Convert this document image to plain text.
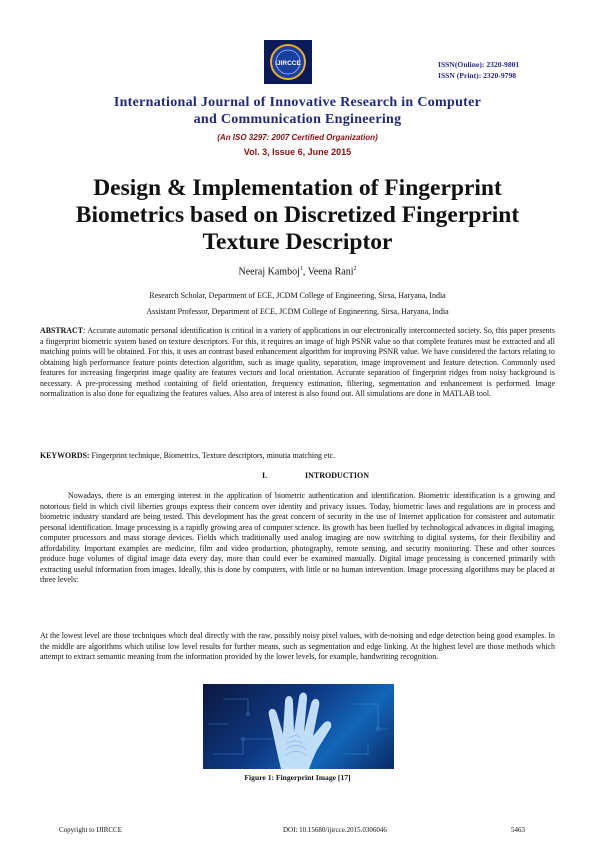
IJIRCCE	ISSN(Online): 2320-9801
ISSN (Print): 2320-9798
International Journal of Innovative Research in Computer
and Communication Engineering
(An ISO 3297: 2007 Certified Organization)
Vol. 3, Issue 6, June 2015
Design & Implementation of Fingerprint
Biometrics based on Discretized Fingerprint
Texture Descriptor
Neeraj Kamboj$^1$, Veena Rani$^2$
Research Scholar, Department of ECE, JCDM College of Engineering, Sirsa, Haryana, India
Assistant Professor, Department of ECE, JCDM College of Engineering, Sirsa, Haryana, India
ABSTRACT: Accurate automatic personal identification is critical in a variety of applications in our electronically interconnected society. So, this paper presents a fingerprint biometric system based on texture descriptors. For this, it requires an image of high PSNR value so that complete features must be extracted and all matching points will be obtained. For this, it uses an contrast based enhancement algorithm for improving PSNR value. We have considered the factors relating to obtaining high performance feature points detection algorithm, such as image quality, separation, image improvement and feature detection. Commonly used features for increasing fingerprint image quality are features vectors and local orientation. Accurate separation of fingerprint ridges from noisy background is necessary. A pre-processing method containing of field orientation, frequency estimation, filtering, segmentation and enhancement is performed. Image normalization is also done for equalizing the features values. Also area of interest is also found out. All simulations are done in MATLAB tool.
KEYWORDS: Fingerprint technique, Biometrics, Texture descriptors, minutia matching etc.
I.	INTRODUCTION
Nowadays, there is an emerging interest in the application of biometric authentication and identification. Biometric identification is a growing and notorious field in which civil liberties groups express their concern over identity and privacy issues. Today, biometric laws and regulations are in process and biometric industry standard are being tested. This development has the great concern of security in the use of Internet application for consistent and automatic personal identification. Image processing is a rapidly growing area of computer science. Its growth has been fuelled by technological advances in digital imaging, computer processors and mass storage devices. Fields which traditionally used analog imaging are now switching to digital systems, for their flexibility and affordability. Important examples are medicine, film and video production, photography, remote sensing, and security monitoring. These and other sources produce huge volumes of digital image data every day, more than could ever be examined manually. Digital image processing is concerned primarily with extracting useful information from images. Ideally, this is done by computers, with little or no human intervention. Image processing algorithms may be placed at three levels:
At the lowest level are those techniques which deal directly with the raw, possibly noisy pixel values, with de-noising and edge detection being good examples. In the middle are algorithms which utilise low level results for further means, such as segmentation and edge linking. At the highest level are those methods which attempt to extract semantic meaning from the information provided by the lower levels, for example, handwriting recognition.
Figure 1: Fingerprint Image [17]
Copyright to IJIRCCE	DOI: 10.15680/ijircce.2015.0306046	5463
